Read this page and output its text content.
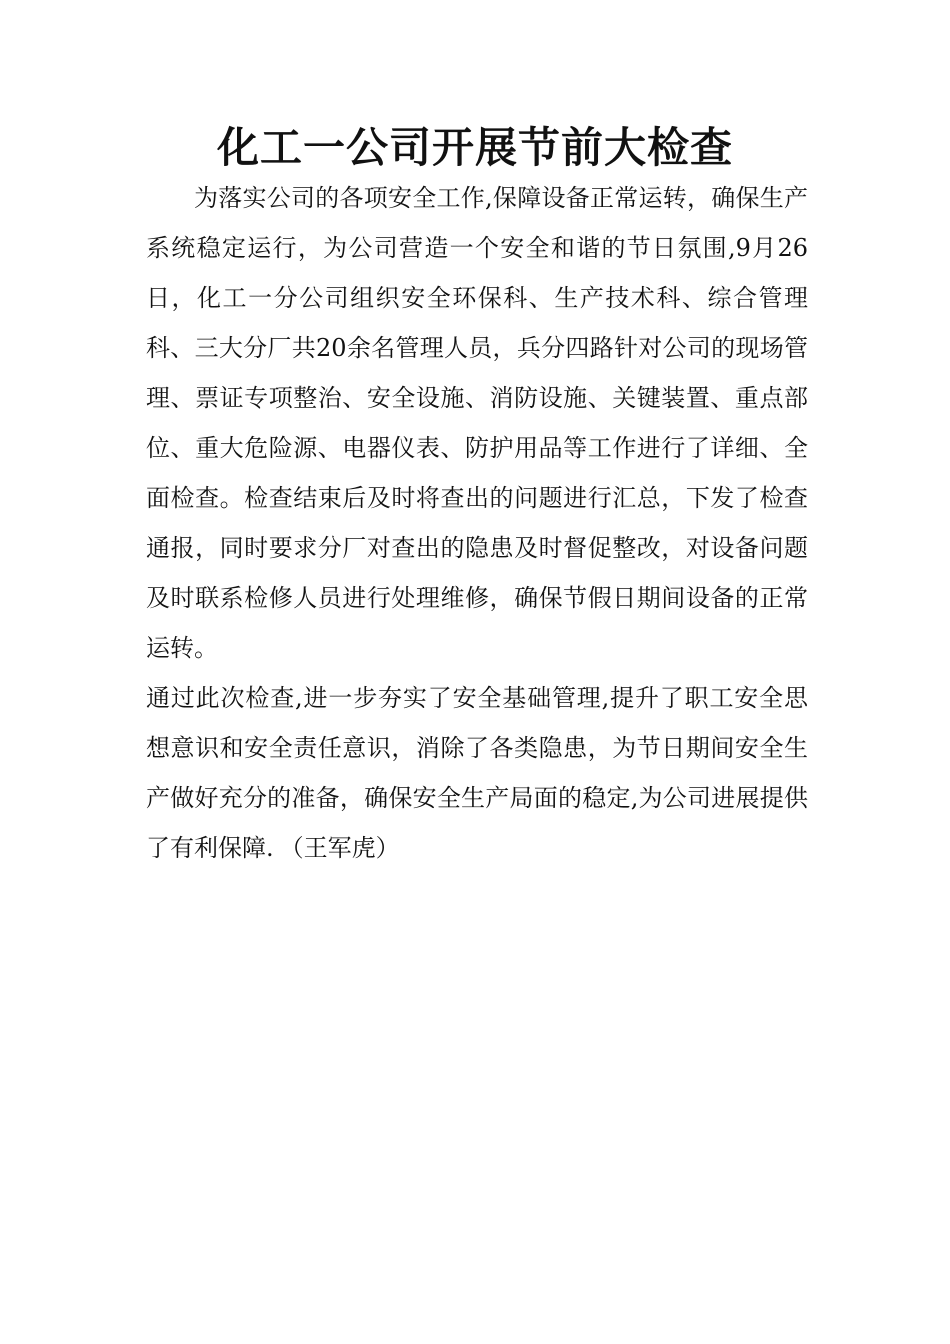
化工一公司开展节前大检查

为落实公司的各项安全工作,保障设备正常运转，确保生产系统稳定运行，为公司营造一个安全和谐的节日氛围,9月26日，化工一分公司组织安全环保科、生产技术科、综合管理科、三大分厂共20余名管理人员，兵分四路针对公司的现场管理、票证专项整治、安全设施、消防设施、关键装置、重点部位、重大危险源、电器仪表、防护用品等工作进行了详细、全面检查。检查结束后及时将查出的问题进行汇总，下发了检查通报，同时要求分厂对查出的隐患及时督促整改，对设备问题及时联系检修人员进行处理维修，确保节假日期间设备的正常运转。

通过此次检查,进一步夯实了安全基础管理,提升了职工安全思想意识和安全责任意识，消除了各类隐患，为节日期间安全生产做好充分的准备，确保安全生产局面的稳定,为公司进展提供了有利保障. （王军虎）
